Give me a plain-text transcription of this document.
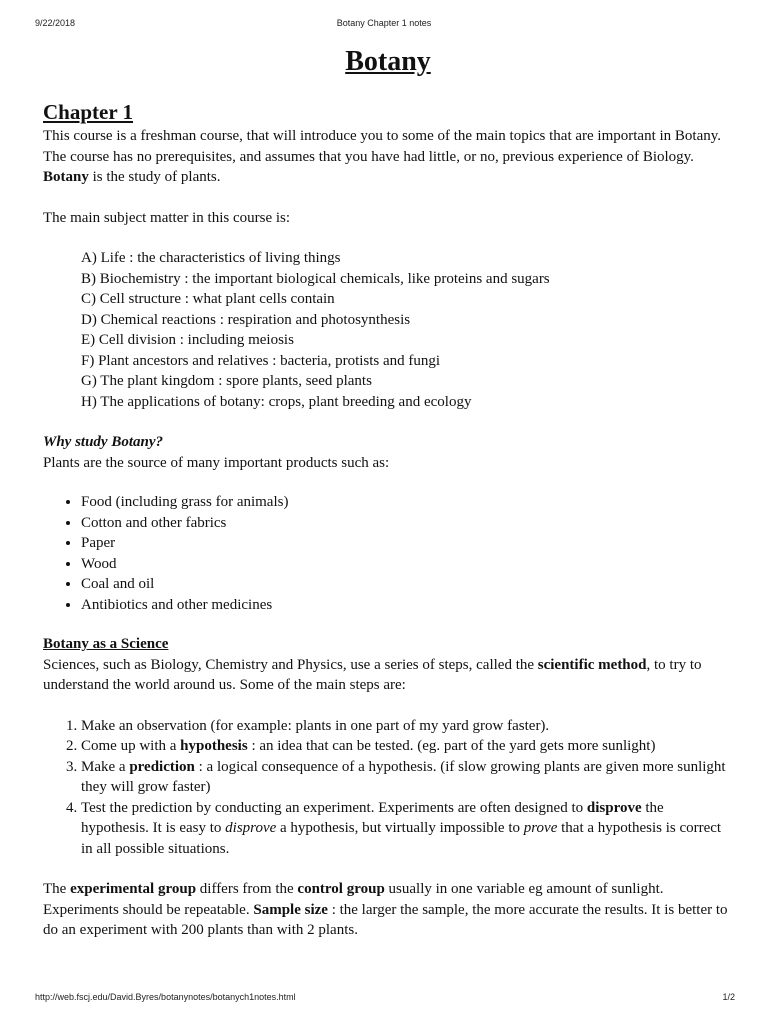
9/22/2018	Botany Chapter 1 notes
Botany
Chapter 1

This course is a freshman course, that will introduce you to some of the main topics that are important in Botany. The course has no prerequisites, and assumes that you have had little, or no, previous experience of Biology. Botany is the study of plants.

The main subject matter in this course is:

A) Life : the characteristics of living things
B) Biochemistry : the important biological chemicals, like proteins and sugars
C) Cell structure : what plant cells contain
D) Chemical reactions : respiration and photosynthesis
E) Cell division : including meiosis
F) Plant ancestors and relatives : bacteria, protists and fungi
G) The plant kingdom : spore plants, seed plants
H) The applications of botany: crops, plant breeding and ecology

Why study Botany?

Plants are the source of many important products such as:

• Food (including grass for animals)
• Cotton and other fabrics
• Paper
• Wood
• Coal and oil
• Antibiotics and other medicines

Botany as a Science

Sciences, such as Biology, Chemistry and Physics, use a series of steps, called the scientific method, to try to understand the world around us. Some of the main steps are:

1. Make an observation (for example: plants in one part of my yard grow faster).
2. Come up with a hypothesis : an idea that can be tested. (eg. part of the yard gets more sunlight)
3. Make a prediction : a logical consequence of a hypothesis. (if slow growing plants are given more sunlight they will grow faster)
4. Test the prediction by conducting an experiment. Experiments are often designed to disprove the hypothesis. It is easy to disprove a hypothesis, but virtually impossible to prove that a hypothesis is correct in all possible situations.

The experimental group differs from the control group usually in one variable eg amount of sunlight. Experiments should be repeatable. Sample size : the larger the sample, the more accurate the results. It is better to do an experiment with 200 plants than with 2 plants.

http://web.fscj.edu/David.Byres/botanynotes/botanych1notes.html	1/2
